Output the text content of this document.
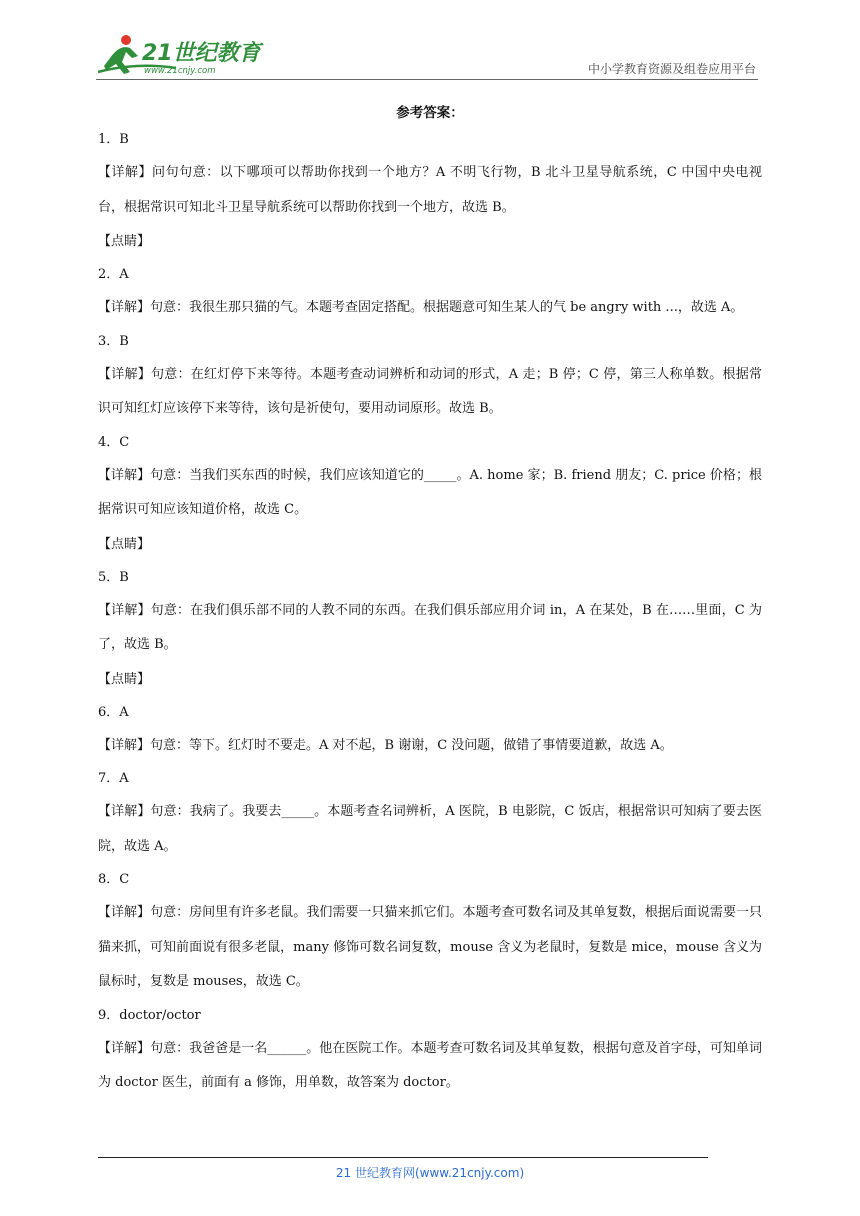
21世纪教育
www.21cnjy.com	中小学教育资源及组卷应用平台
参考答案：
1．B
【详解】问句句意：以下哪项可以帮助你找到一个地方？A 不明飞行物，B 北斗卫星导航系统，C 中国中央电视台，根据常识可知北斗卫星导航系统可以帮助你找到一个地方，故选 B。
【点睛】
2．A
【详解】句意：我很生那只猫的气。本题考查固定搭配。根据题意可知生某人的气 be angry with ...，故选 A。
3．B
【详解】句意：在红灯停下来等待。本题考查动词辨析和动词的形式，A 走；B 停；C 停，第三人称单数。根据常识可知红灯应该停下来等待，该句是祈使句，要用动词原形。故选 B。
4．C
【详解】句意：当我们买东西的时候，我们应该知道它的_____。A. home 家；B. friend 朋友；C. price 价格；根据常识可知应该知道价格，故选 C。
【点睛】
5．B
【详解】句意：在我们俱乐部不同的人教不同的东西。在我们俱乐部应用介词 in，A 在某处，B 在……里面，C 为了，故选 B。
【点睛】
6．A
【详解】句意：等下。红灯时不要走。A 对不起，B 谢谢，C 没问题，做错了事情要道歉，故选 A。
7．A
【详解】句意：我病了。我要去_____。本题考查名词辨析，A 医院，B 电影院，C 饭店，根据常识可知病了要去医院，故选 A。
8．C
【详解】句意：房间里有许多老鼠。我们需要一只猫来抓它们。本题考查可数名词及其单复数，根据后面说需要一只猫来抓，可知前面说有很多老鼠，many 修饰可数名词复数，mouse 含义为老鼠时，复数是 mice，mouse 含义为鼠标时，复数是 mouses，故选 C。
9．doctor/octor
【详解】句意：我爸爸是一名______。他在医院工作。本题考查可数名词及其单复数，根据句意及首字母，可知单词为 doctor 医生，前面有 a 修饰，用单数，故答案为 doctor。
21 世纪教育网(www.21cnjy.com)
